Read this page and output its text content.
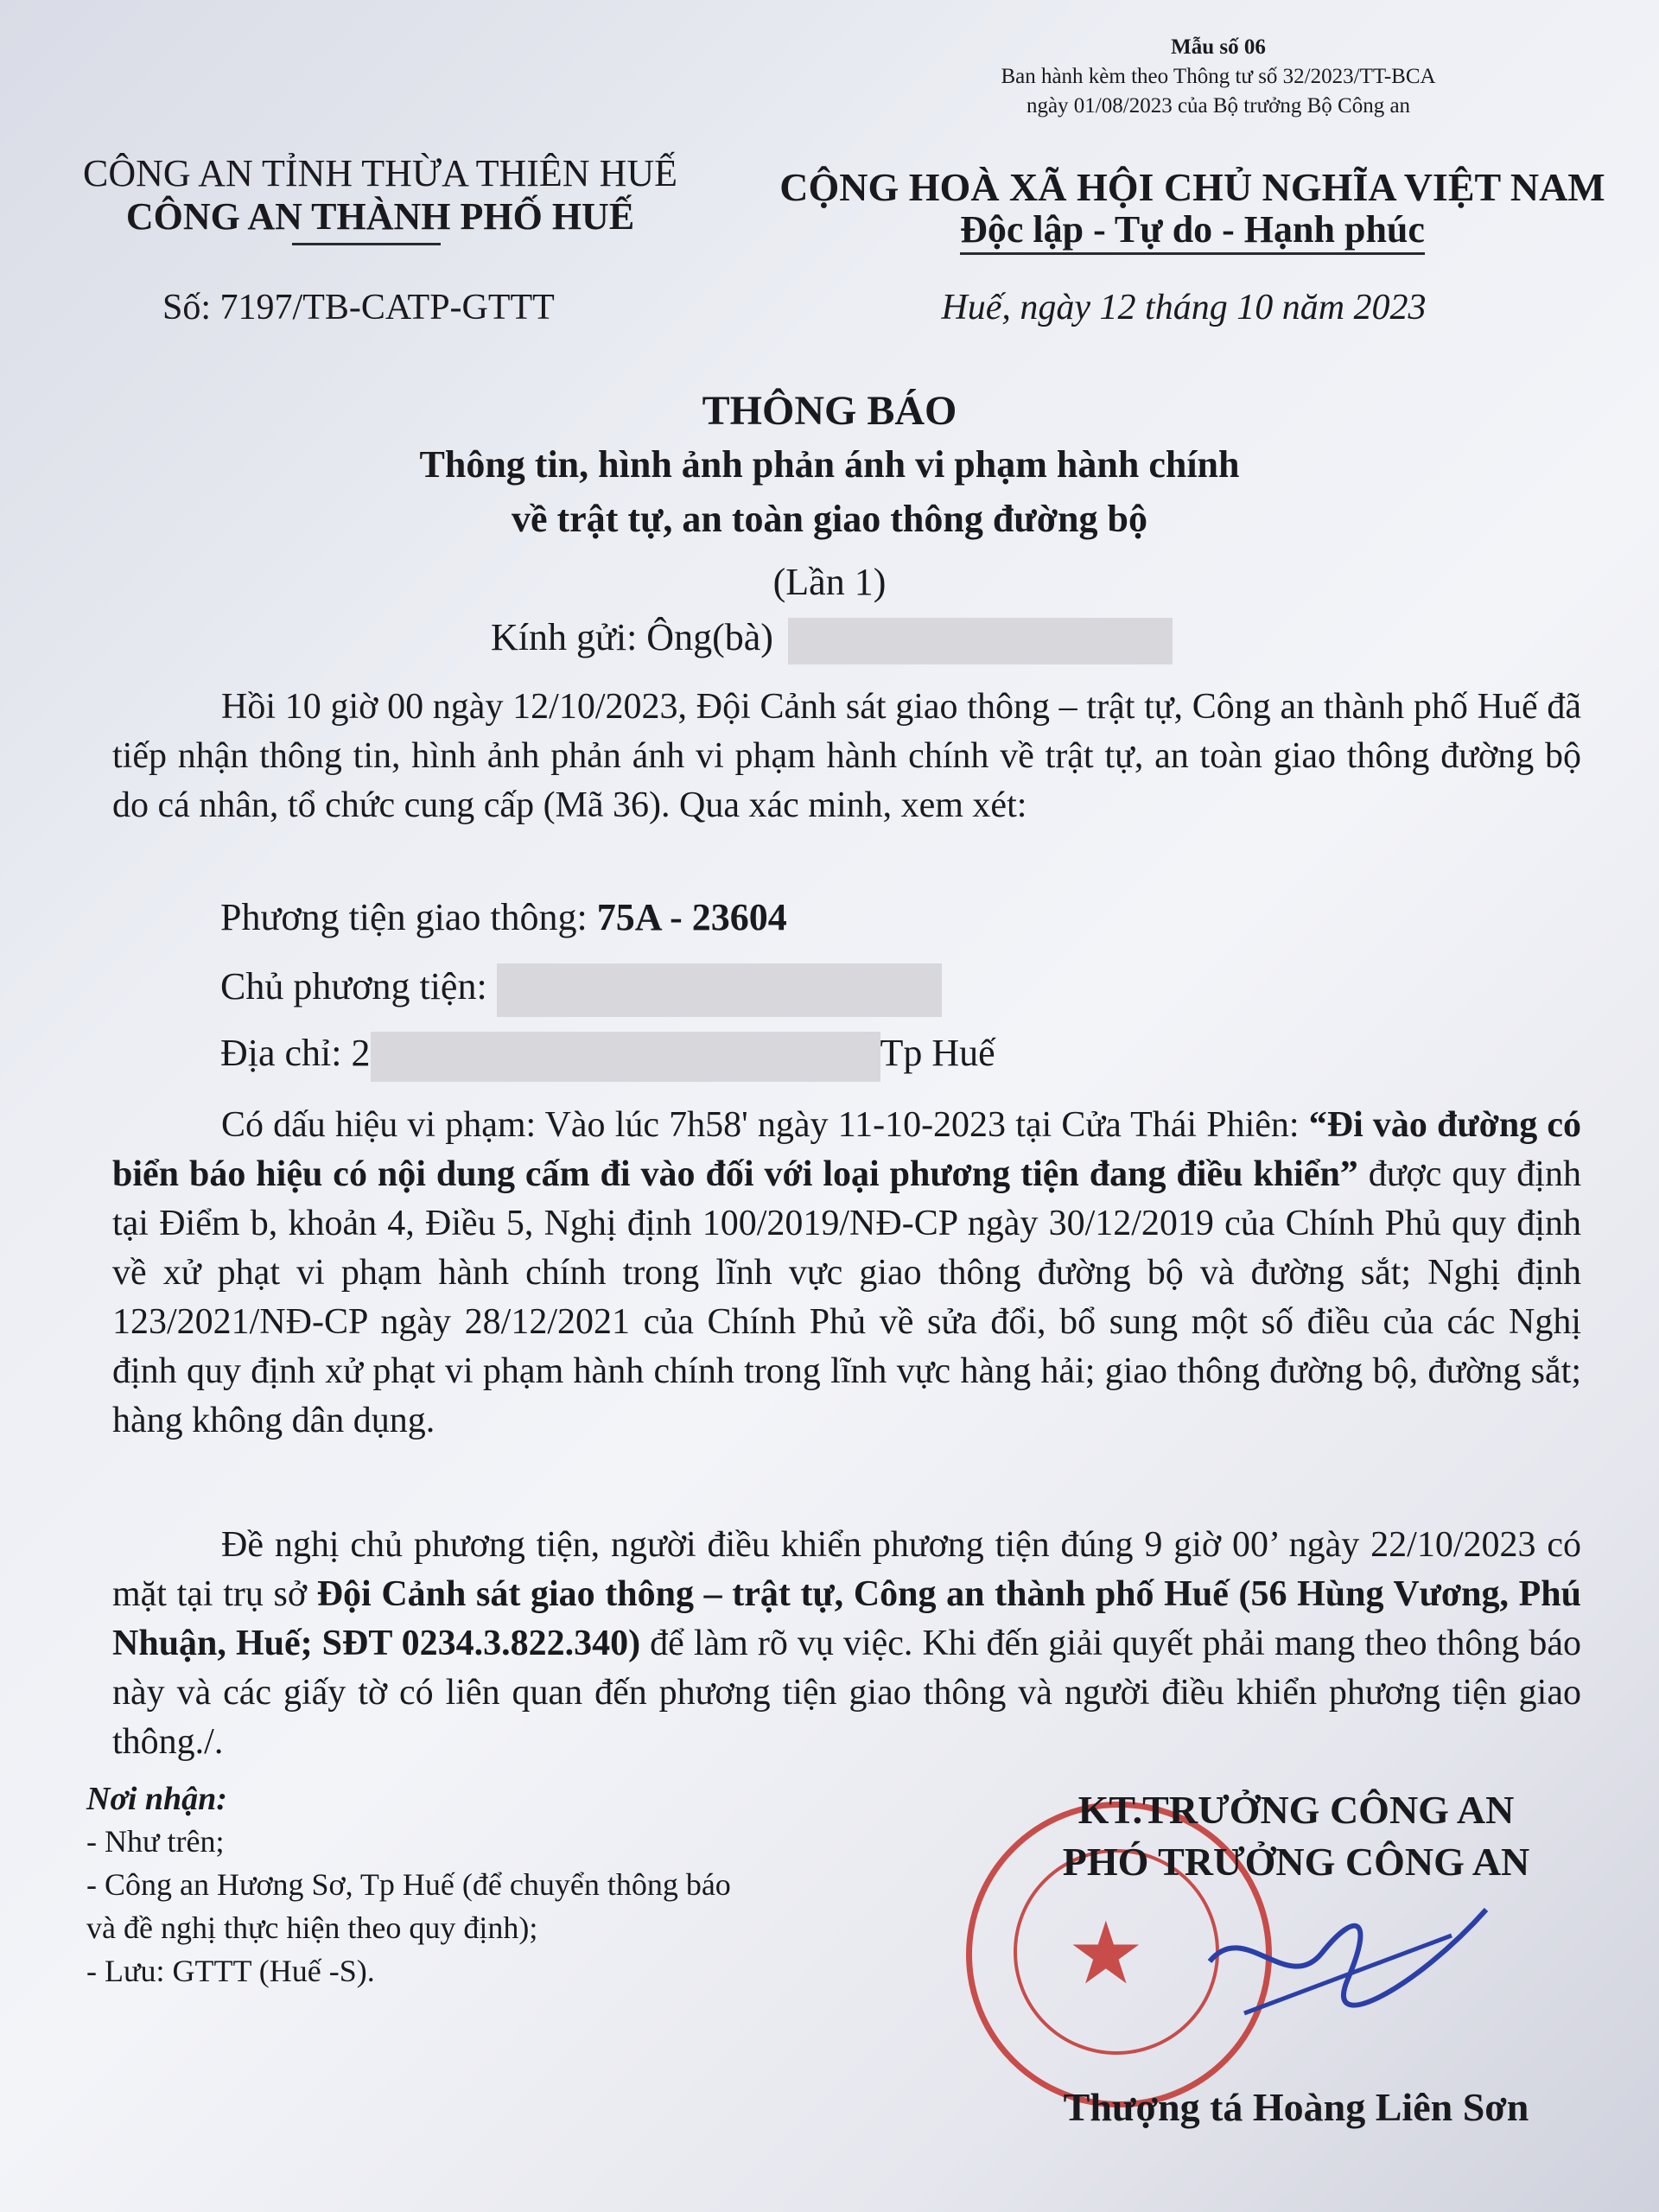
Mẫu số 06
Ban hành kèm theo Thông tư số 32/2023/TT-BCA
ngày 01/08/2023 của Bộ trưởng Bộ Công an
CÔNG AN TỈNH THỪA THIÊN HUẾ
CÔNG AN THÀNH PHỐ HUẾ
CỘNG HOÀ XÃ HỘI CHỦ NGHĨA VIỆT NAM
Độc lập - Tự do - Hạnh phúc
Số: 7197/TB-CATP-GTTT	Huế, ngày 12 tháng 10 năm 2023
THÔNG BÁO
Thông tin, hình ảnh phản ánh vi phạm hành chính
về trật tự, an toàn giao thông đường bộ
(Lần 1)
Kính gửi: Ông(bà)

Hồi 10 giờ 00 ngày 12/10/2023, Đội Cảnh sát giao thông – trật tự, Công an thành phố Huế đã tiếp nhận thông tin, hình ảnh phản ánh vi phạm hành chính về trật tự, an toàn giao thông đường bộ do cá nhân, tổ chức cung cấp (Mã 36). Qua xác minh, xem xét:

Phương tiện giao thông: 75A - 23604
Chủ phương tiện:
Địa chỉ: 2	Tp Huế

Có dấu hiệu vi phạm: Vào lúc 7h58' ngày 11-10-2023 tại Cửa Thái Phiên: “Đi vào đường có biển báo hiệu có nội dung cấm đi vào đối với loại phương tiện đang điều khiển” được quy định tại Điểm b, khoản 4, Điều 5, Nghị định 100/2019/NĐ-CP ngày 30/12/2019 của Chính Phủ quy định về xử phạt vi phạm hành chính trong lĩnh vực giao thông đường bộ và đường sắt; Nghị định 123/2021/NĐ-CP ngày 28/12/2021 của Chính Phủ về sửa đổi, bổ sung một số điều của các Nghị định quy định xử phạt vi phạm hành chính trong lĩnh vực hàng hải; giao thông đường bộ, đường sắt; hàng không dân dụng.

Đề nghị chủ phương tiện, người điều khiển phương tiện đúng 9 giờ 00’ ngày 22/10/2023 có mặt tại trụ sở Đội Cảnh sát giao thông – trật tự, Công an thành phố Huế (56 Hùng Vương, Phú Nhuận, Huế; SĐT 0234.3.822.340) để làm rõ vụ việc. Khi đến giải quyết phải mang theo thông báo này và các giấy tờ có liên quan đến phương tiện giao thông và người điều khiển phương tiện giao thông./.

Nơi nhận:
- Như trên;
- Công an Hương Sơ, Tp Huế (để chuyển thông báo
và đề nghị thực hiện theo quy định);
- Lưu: GTTT (Huế -S).	★
KT.TRƯỞNG CÔNG AN
PHÓ TRƯỞNG CÔNG AN
Thượng tá Hoàng Liên Sơn
